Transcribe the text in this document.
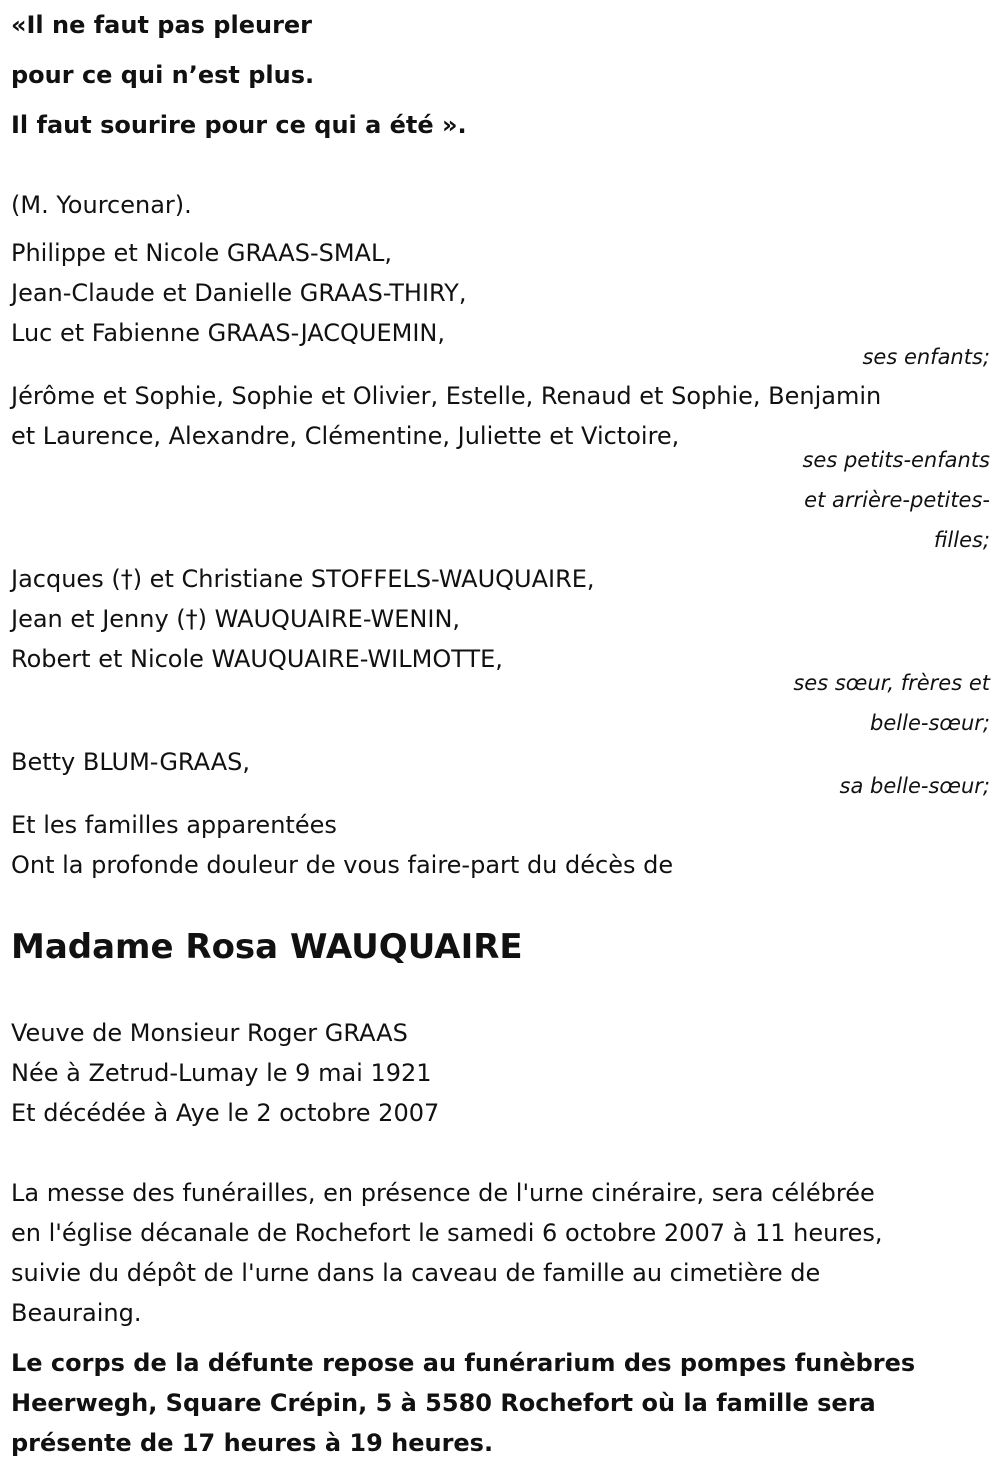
«Il ne faut pas pleurer
pour ce qui n’est plus.
Il faut sourire pour ce qui a été ».
(M. Yourcenar).
Philippe et Nicole GRAAS-SMAL,
Jean-Claude et Danielle GRAAS-THIRY,
Luc et Fabienne GRAAS-JACQUEMIN,
ses enfants;
Jérôme et Sophie, Sophie et Olivier, Estelle, Renaud et Sophie, Benjamin
et Laurence, Alexandre, Clémentine, Juliette et Victoire,
ses petits-enfants
et arrière-petites-
filles;
Jacques (†) et Christiane STOFFELS-WAUQUAIRE,
Jean et Jenny (†) WAUQUAIRE-WENIN,
Robert et Nicole WAUQUAIRE-WILMOTTE,
ses sœur, frères et
belle-sœur;
Betty BLUM-GRAAS,
sa belle-sœur;
Et les familles apparentées
Ont la profonde douleur de vous faire-part du décès de
Madame Rosa WAUQUAIRE
Veuve de Monsieur Roger GRAAS
Née à Zetrud-Lumay le 9 mai 1921
Et décédée à Aye le 2 octobre 2007
La messe des funérailles, en présence de l'urne cinéraire, sera célébrée
en l'église décanale de Rochefort le samedi 6 octobre 2007 à 11 heures,
suivie du dépôt de l'urne dans la caveau de famille au cimetière de
Beauraing.
Le corps de la défunte repose au funérarium des pompes funèbres
Heerwegh, Square Crépin, 5 à 5580 Rochefort où la famille sera
présente de 17 heures à 19 heures.
